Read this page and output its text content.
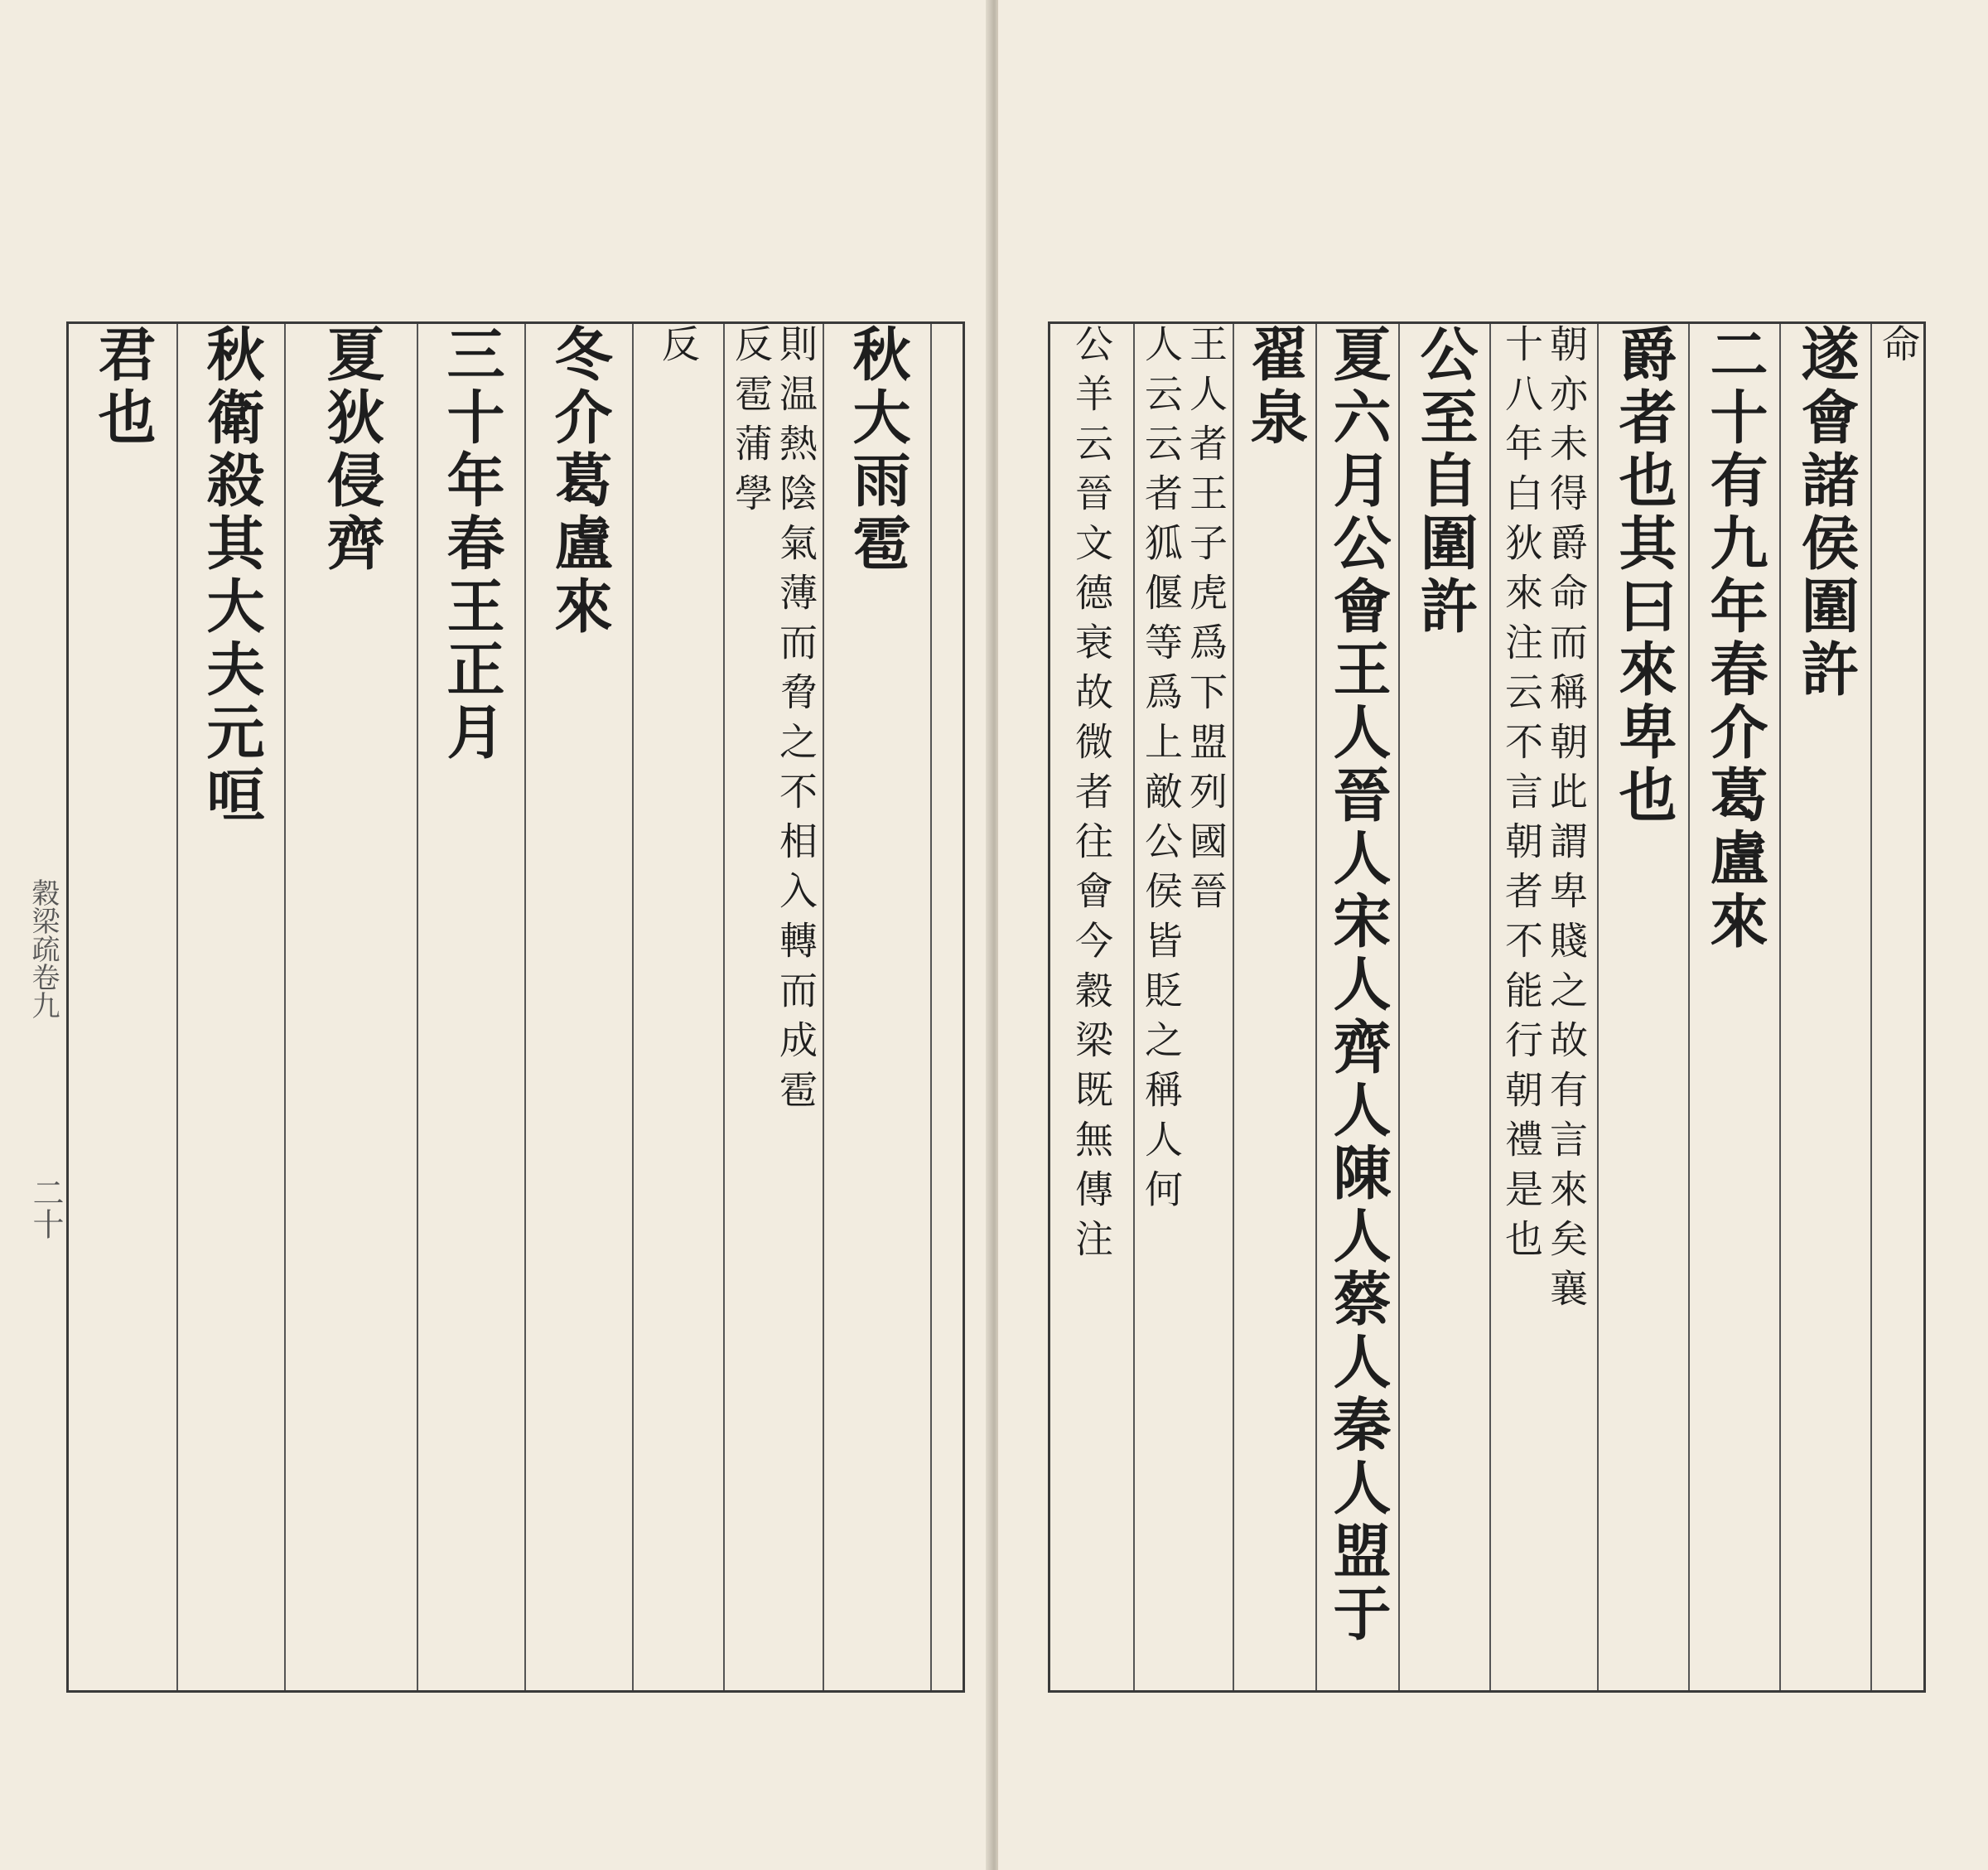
穀梁疏卷九
二十
君也 秋衛殺其大夫元咺 夏狄侵齊 三十年春王正月 冬介葛盧來 反 則温熱陰氣薄而脅之不相入轉而成雹
反雹蒲學 秋大雨雹	公羊云晉文德衰故微者往會今穀梁既無傳注 王人者王子虎爲下盟列國晉
人云云者狐偃等爲上敵公侯皆貶之稱人何 翟泉 夏六月公會王人晉人宋人齊人陳人蔡人秦人盟于 公至自圍許 朝亦未得爵命而稱朝此謂卑賤之故有言來矣襄
十八年白狄來注云不言朝者不能行朝禮是也 爵者也其曰來卑也 二十有九年春介葛盧來 遂會諸侯圍許 命
